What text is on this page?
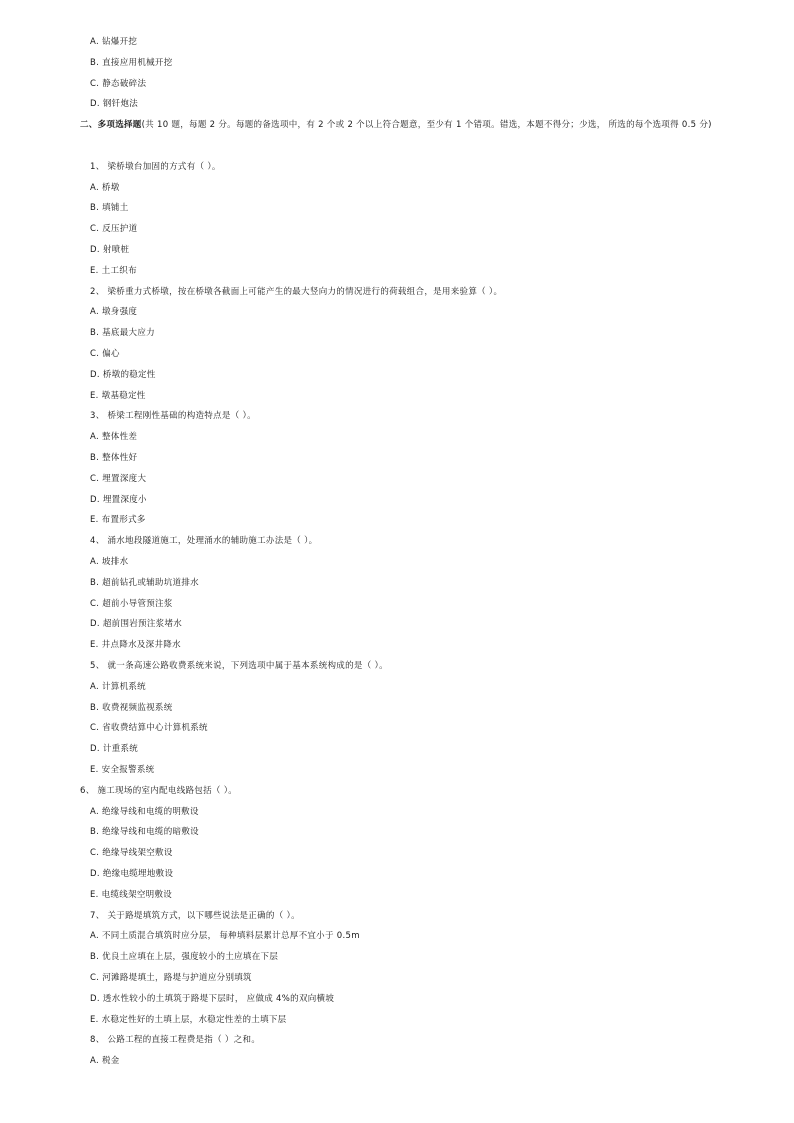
A. 钻爆开挖
B. 直接应用机械开挖
C. 静态破碎法
D. 钢钎炮法
二、多项选择题(共 10 题，每题 2 分。每题的备选项中，有 2 个或 2 个以上符合题意，至少有 1 个错项。错选，本题不得分；少选， 所选的每个选项得 0.5 分)
1、 梁桥墩台加固的方式有（ ）。
A. 桥墩
B. 填铺土
C. 反压护道
D. 射喷桩
E. 土工织布
2、 梁桥重力式桥墩，按在桥墩各截面上可能产生的最大竖向力的情况进行的荷载组合，是用来验算（ ）。
A. 墩身强度
B. 基底最大应力
C. 偏心
D. 桥墩的稳定性
E. 墩基稳定性
3、 桥梁工程刚性基础的构造特点是（ ）。
A. 整体性差
B. 整体性好
C. 埋置深度大
D. 埋置深度小
E. 布置形式多
4、 涌水地段隧道施工，处理涌水的辅助施工办法是（ ）。
A. 坡排水
B. 超前钻孔或辅助坑道排水
C. 超前小导管预注浆
D. 超前围岩预注浆堵水
E. 井点降水及深井降水
5、 就一条高速公路收费系统来说，下列选项中属于基本系统构成的是（ ）。
A. 计算机系统
B. 收费视频监视系统
C. 省收费结算中心计算机系统
D. 计重系统
E. 安全报警系统
6、 施工现场的室内配电线路包括（ ）。
A. 绝缘导线和电缆的明敷设
B. 绝缘导线和电缆的暗敷设
C. 绝缘导线架空敷设
D. 绝缘电缆埋地敷设
E. 电缆线架空明敷设
7、 关于路堤填筑方式，以下哪些说法是正确的（ ）。
A. 不同土质混合填筑时应分层， 每种填料层累计总厚不宜小于 0.5m
B. 优良土应填在上层，强度较小的土应填在下层
C. 河滩路堤填土，路堤与护道应分别填筑
D. 透水性较小的土填筑于路堤下层时， 应做成 4%的双向横坡
E. 水稳定性好的土填上层，水稳定性差的土填下层
8、 公路工程的直接工程费是指（ ）之和。
A. 税金
